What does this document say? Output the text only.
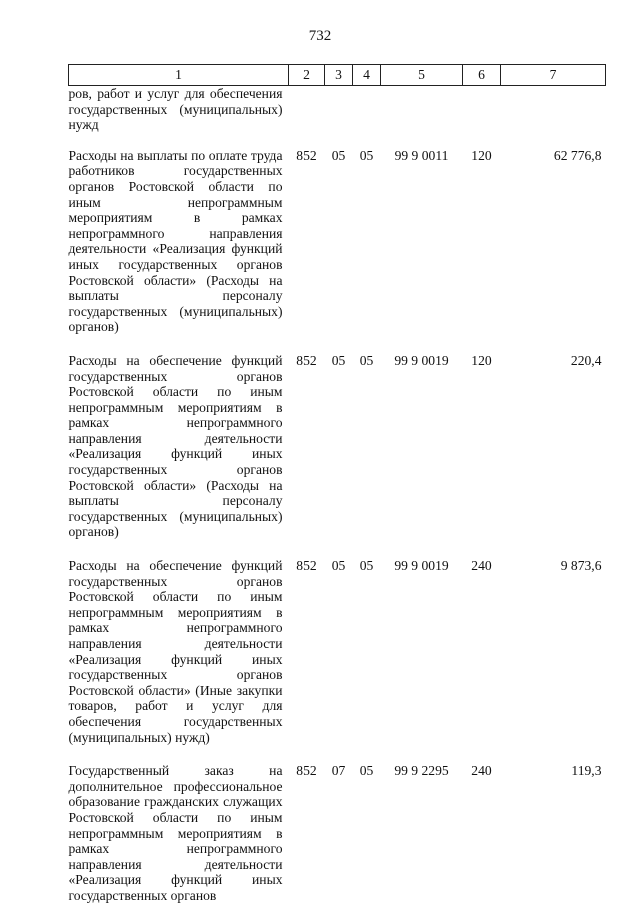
732
1	2	3	4	5	6	7
ров, работ и услуг для обеспечения государственных (муниципальных) нужд						
Расходы на выплаты по оплате труда работников государственных органов Ростовской области по иным непрограммным мероприятиям в рамках непрограммного направления деятельности «Реализация функций иных государственных органов Ростовской области» (Расходы на выплаты персоналу государственных (муниципальных) органов)	852	05	05	99 9 0011	120	62 776,8
Расходы на обеспечение функций государственных органов Ростовской области по иным непрограммным мероприятиям в рамках непрограммного направления деятельности «Реализация функций иных государственных органов Ростовской области» (Расходы на выплаты персоналу государственных (муниципальных) органов)	852	05	05	99 9 0019	120	220,4
Расходы на обеспечение функций государственных органов Ростовской области по иным непрограммным мероприятиям в рамках непрограммного направления деятельности «Реализация функций иных государственных органов Ростовской области» (Иные закупки товаров, работ и услуг для обеспечения государственных (муниципальных) нужд)	852	05	05	99 9 0019	240	9 873,6
Государственный заказ на дополнительное профессиональное образование гражданских служащих Ростовской области по иным непрограммным мероприятиям в рамках непрограммного направления деятельности «Реализация функций иных государственных органов	852	07	05	99 9 2295	240	119,3
